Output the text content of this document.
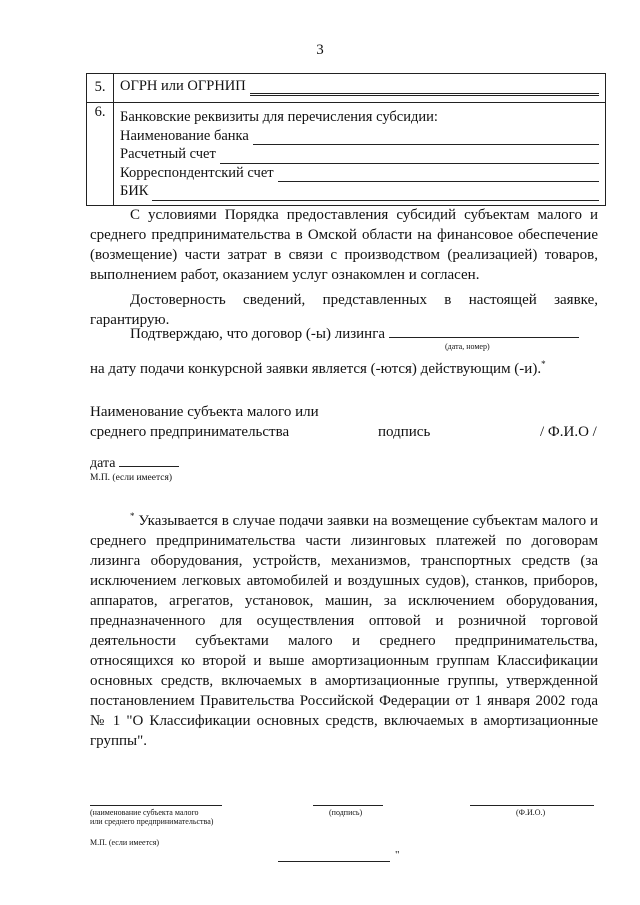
3
5.	ОГРН или ОГРНИП

6.	Банковские реквизиты для перечисления субсидии:
Наименование банка
Расчетный счет
Корреспондентский счет
БИК
С условиями Порядка предоставления субсидий субъектам малого и среднего предпринимательства в Омской области на финансовое обеспечение (возмещение) части затрат в связи с производством (реализацией) товаров, выполнением работ, оказанием услуг ознакомлен и согласен.
Достоверность сведений, представленных в настоящей заявке, гарантирую.
Подтверждаю, что договор (-ы) лизинга
(дата, номер)
на дату подачи конкурсной заявки является (-ются) действующим (-и).*
Наименование субъекта малого или
среднего предпринимательства	подпись	/ Ф.И.О /
дата
М.П. (если имеется)
* Указывается в случае подачи заявки на возмещение субъектам малого и среднего предпринимательства части лизинговых платежей по договорам лизинга оборудования, устройств, механизмов, транспортных средств (за исключением легковых автомобилей и воздушных судов), станков, приборов, аппаратов, агрегатов, установок, машин, за исключением оборудования, предназначенного для осуществления оптовой и розничной торговой деятельности субъектами малого и среднего предпринимательства, относящихся ко второй и выше амортизационным группам Классификации основных средств, включаемых в амортизационные группы, утвержденной постановлением Правительства Российской Федерации от 1 января 2002 года № 1 "О Классификации основных средств, включаемых в амортизационные группы".
(наименование субъекта малого
или среднего предпринимательства)
(подпись)	(Ф.И.О.)
М.П. (если имеется)
"
